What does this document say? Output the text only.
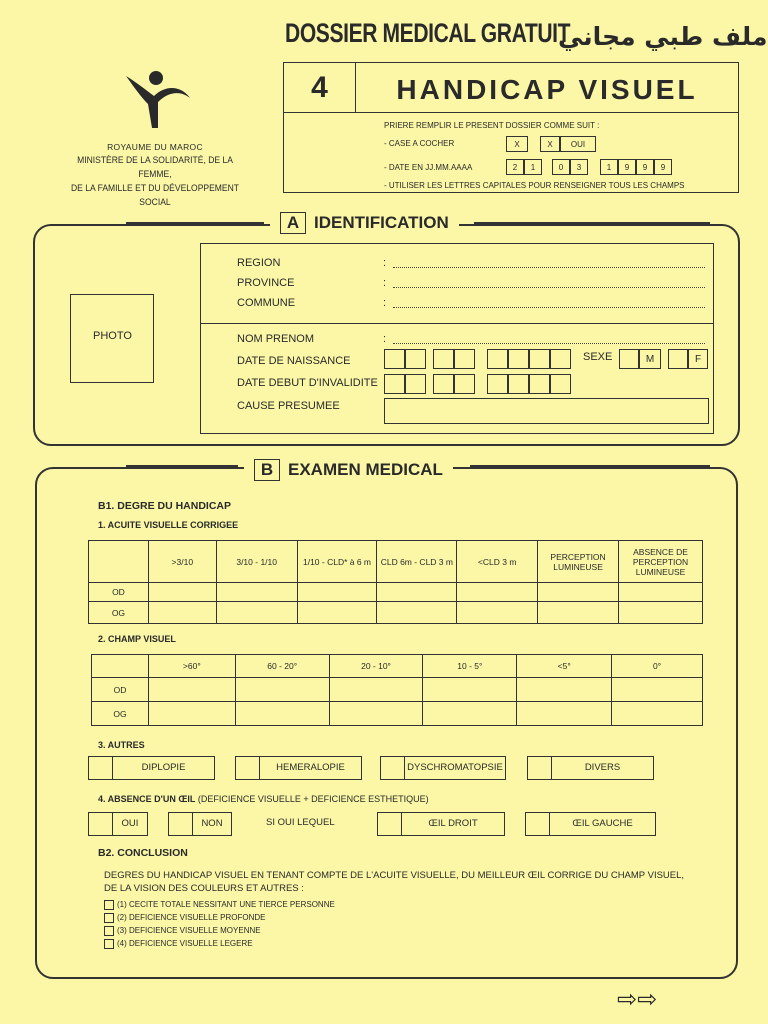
DOSSIER MEDICAL GRATUIT
ملف طبي مجاني
ROYAUME DU MAROC
MINISTÈRE DE LA SOLIDARITÉ, DE LA FEMME,
DE LA FAMILLE ET DU DÉVELOPPEMENT SOCIAL
4	HANDICAP VISUEL
PRIERE REMPLIR LE PRESENT DOSSIER COMME SUIT :
- CASE A COCHER	X	X	OUI
- DATE EN JJ.MM.AAAA	2	1	0	3	1	9	9	9
- UTILISER LES LETTRES CAPITALES POUR RENSEIGNER TOUS LES CHAMPS
A IDENTIFICATION
PHOTO
REGION	:
PROVINCE	:
COMMUNE	:
NOM PRENOM	:
DATE DE NAISSANCE	SEXE	M	F
DATE DEBUT D'INVALIDITE
CAUSE PRESUMEE
B EXAMEN MEDICAL
B1. DEGRE DU HANDICAP
1. ACUITE VISUELLE CORRIGEE
	>3/10	3/10 - 1/10	1/10 - CLD* à 6 m	CLD 6m - CLD 3 m	<CLD 3 m	PERCEPTION LUMINEUSE	ABSENCE DE PERCEPTION LUMINEUSE
OD							
OG							
2. CHAMP VISUEL
	>60°	60 - 20°	20 - 10°	10 - 5°	<5°	0°
OD						
OG						
3. AUTRES
DIPLOPIE	HEMERALOPIE	DYSCHROMATOPSIE	DIVERS
4. ABSENCE D'UN ŒIL (DEFICIENCE VISUELLE + DEFICIENCE ESTHETIQUE)
OUI	NON	SI OUI LEQUEL	ŒIL DROIT	ŒIL GAUCHE
B2. CONCLUSION
DEGRES DU HANDICAP VISUEL EN TENANT COMPTE DE L'ACUITE VISUELLE, DU MEILLEUR ŒIL CORRIGE DU CHAMP VISUEL,
DE LA VISION DES COULEURS ET AUTRES :
(1) CECITE TOTALE NESSITANT UNE TIERCE PERSONNE
(2) DEFICIENCE VISUELLE PROFONDE
(3) DEFICIENCE VISUELLE MOYENNE
(4) DEFICIENCE VISUELLE LEGERE
⇨⇨
